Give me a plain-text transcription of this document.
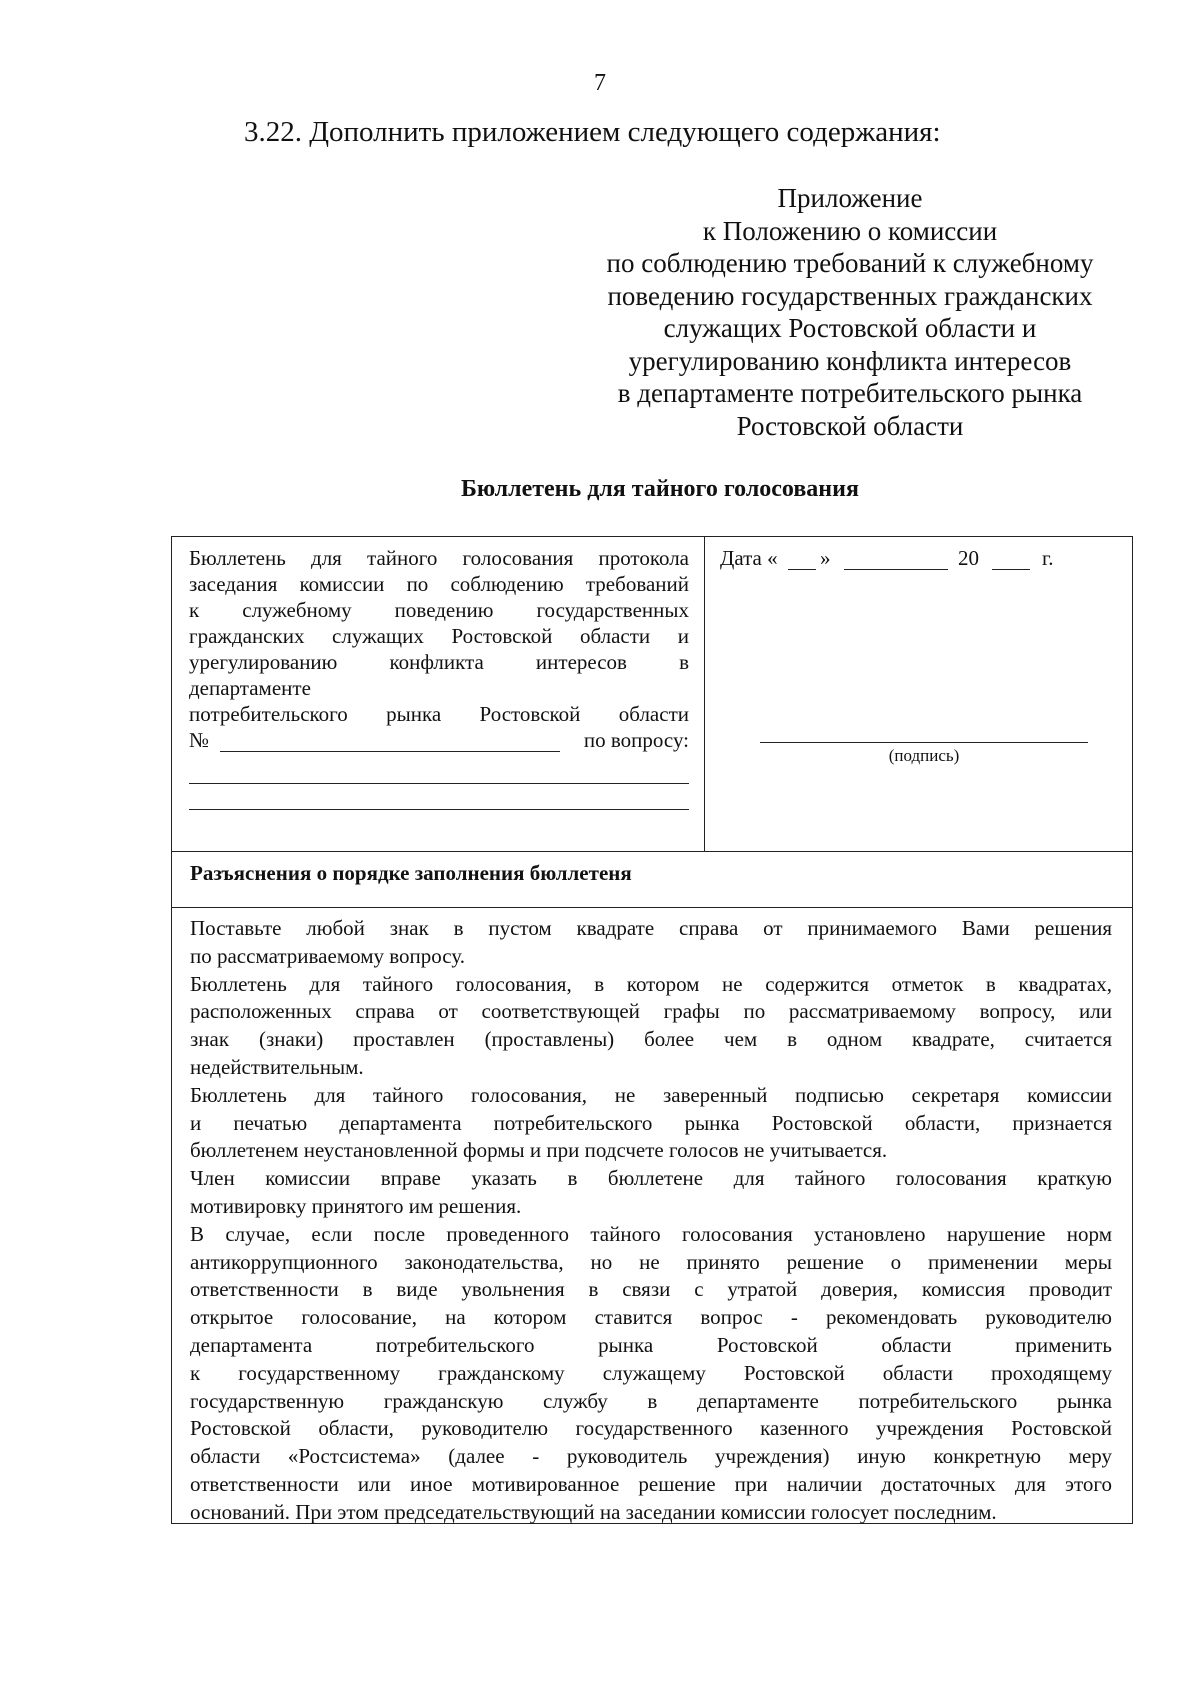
7
3.22. Дополнить приложением следующего содержания:
Приложение
к Положению о комиссии
по соблюдению требований к служебному
поведению государственных гражданских
служащих Ростовской области и
урегулированию конфликта интересов
в департаменте потребительского рынка
Ростовской области
Бюллетень для тайного голосования
Бюллетень для тайного голосования протокола
заседания комиссии по соблюдению требований
к служебному поведению государственных
гражданских служащих Ростовской области и
урегулированию конфликта интересов в
департаменте
потребительского рынка Ростовской области
№	по вопросу:
Дата « »	20	г.
(подпись)
Разъяснения о порядке заполнения бюллетеня
Поставьте любой знак в пустом квадрате справа от принимаемого Вами решения
по рассматриваемому вопросу.
Бюллетень для тайного голосования, в котором не содержится отметок в квадратах,
расположенных справа от соответствующей графы по рассматриваемому вопросу, или
знак (знаки) проставлен (проставлены) более чем в одном квадрате, считается
недействительным.
Бюллетень для тайного голосования, не заверенный подписью секретаря комиссии
и печатью департамента потребительского рынка Ростовской области, признается
бюллетенем неустановленной формы и при подсчете голосов не учитывается.
Член комиссии вправе указать в бюллетене для тайного голосования краткую
мотивировку принятого им решения.
В случае, если после проведенного тайного голосования установлено нарушение норм
антикоррупционного законодательства, но не принято решение о применении меры
ответственности в виде увольнения в связи с утратой доверия, комиссия проводит
открытое голосование, на котором ставится вопрос - рекомендовать руководителю
департамента потребительского рынка Ростовской области применить
к государственному гражданскому служащему Ростовской области проходящему
государственную гражданскую службу в департаменте потребительского рынка
Ростовской области, руководителю государственного казенного учреждения Ростовской
области «Ростсистема» (далее - руководитель учреждения) иную конкретную меру
ответственности или иное мотивированное решение при наличии достаточных для этого
оснований. При этом председательствующий на заседании комиссии голосует последним.
